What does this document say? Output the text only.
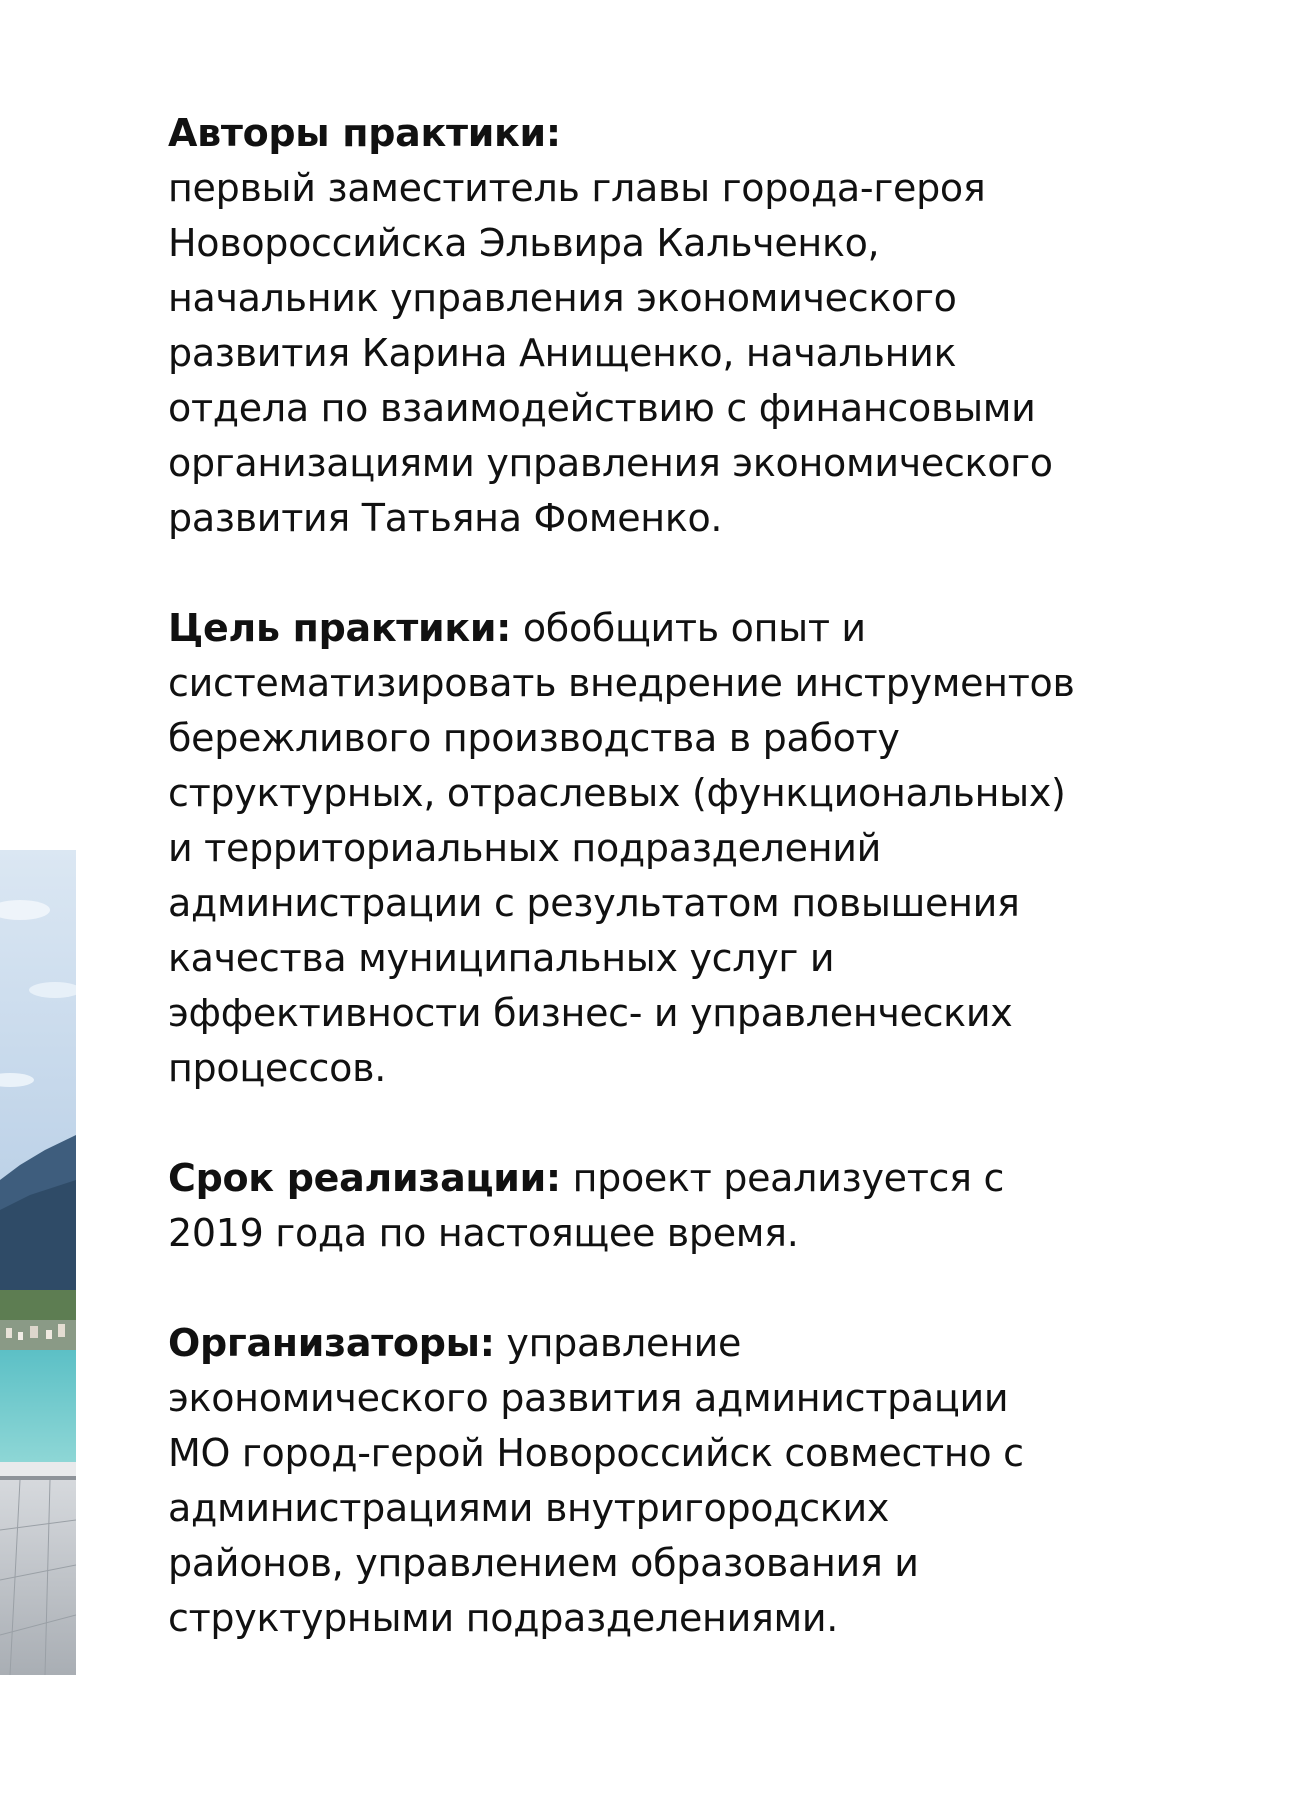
Авторы практики:
первый заместитель главы города-героя
Новороссийска Эльвира Кальченко,
начальник управления экономического
развития Карина Анищенко, начальник
отдела по взаимодействию с финансовыми
организациями управления экономического
развития Татьяна Фоменко.

Цель практики: обобщить опыт и
систематизировать внедрение инструментов
бережливого производства в работу
структурных, отраслевых (функциональных)
и территориальных подразделений
администрации с результатом повышения
качества муниципальных услуг и
эффективности бизнес- и управленческих
процессов.

Срок реализации: проект реализуется с
2019 года по настоящее время.

Организаторы: управление
экономического развития администрации
МО город-герой Новороссийск совместно с
администрациями внутригородских
районов, управлением образования и
структурными подразделениями.
